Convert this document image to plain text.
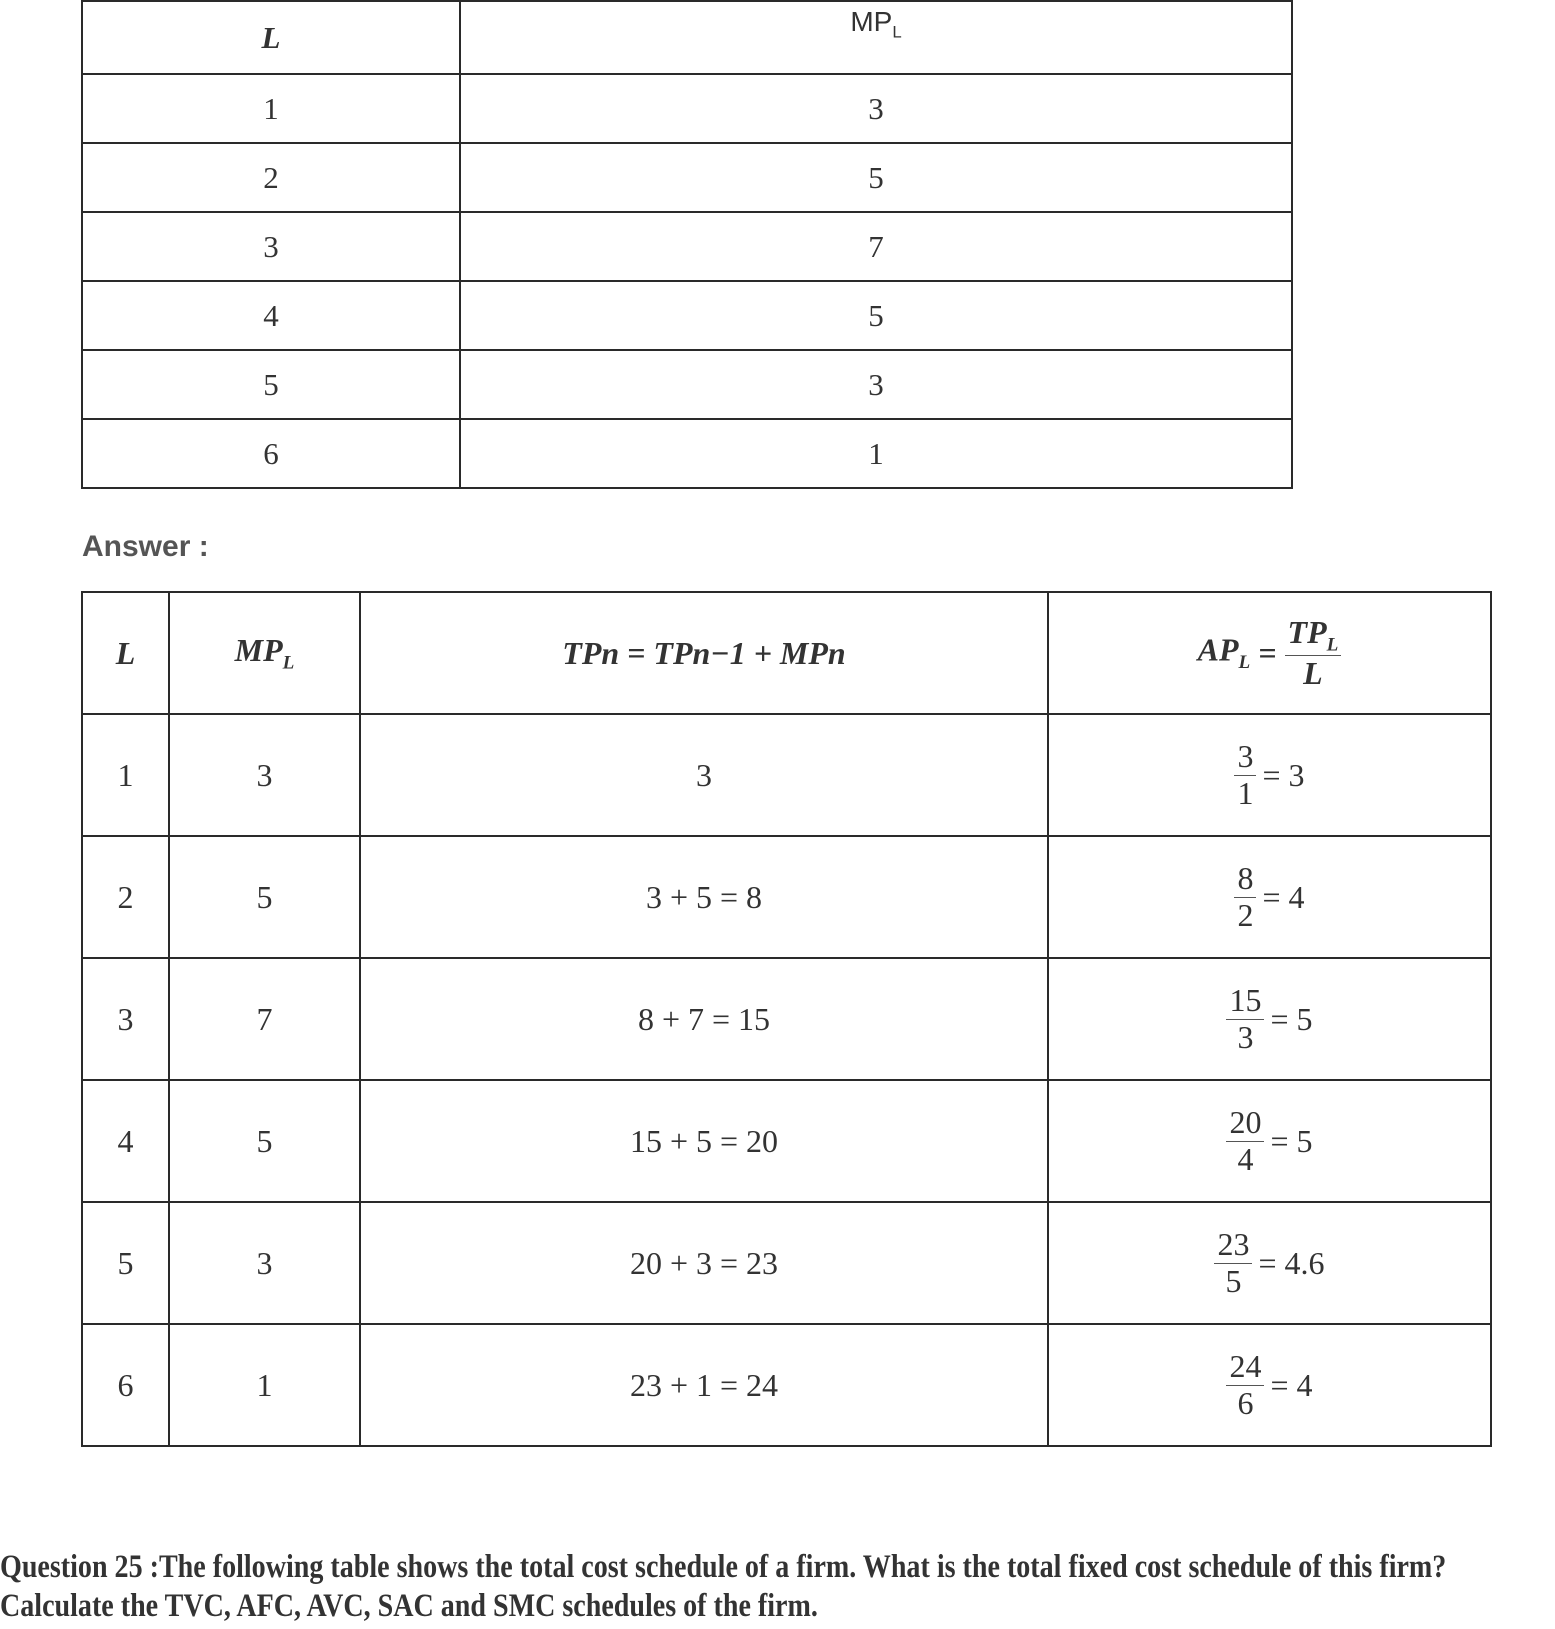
L	$MP_L$
1	3
2	5
3	7
4	5
5	3
6	1
Answer :
L	$MP_L$	TPn = TPn−1 + MPn	$AP_L = \frac{TP_L}{L}$

1	3	3	$\frac{3}{1} = 3$
2	5	3 + 5 = 8	$\frac{8}{2} = 4$
3	7	8 + 7 = 15	$\frac{15}{3} = 5$
4	5	15 + 5 = 20	$\frac{20}{4} = 5$
5	3	20 + 3 = 23	$\frac{23}{5} = 4.6$
6	1	23 + 1 = 24	$\frac{24}{6} = 4$
Question 25 :The following table shows the total cost schedule of a firm. What is the total fixed cost schedule of this firm?Calculate the TVC, AFC, AVC, SAC and SMC schedules of the firm.
